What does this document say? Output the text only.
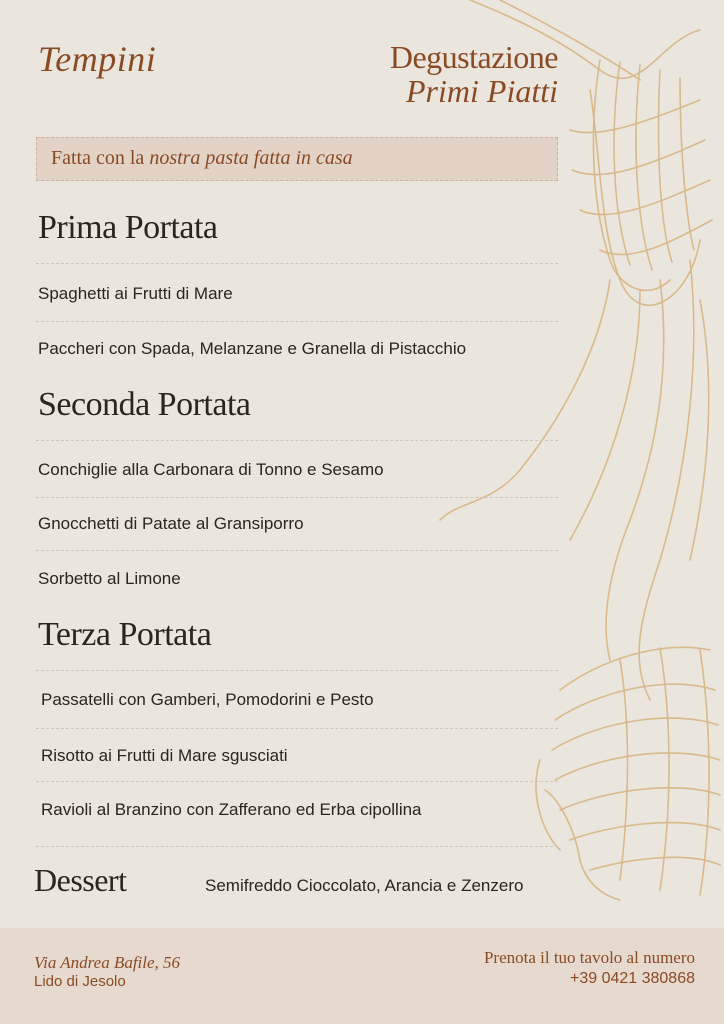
Tempini	Degustazione
Primi Piatti
Fatta con la nostra pasta fatta in casa
Prima Portata
Spaghetti ai Frutti di Mare
Paccheri con Spada, Melanzane e Granella di Pistacchio
Seconda Portata
Conchiglie alla Carbonara di Tonno e Sesamo
Gnocchetti di Patate al Gransiporro
Sorbetto al Limone
Terza Portata
Passatelli con Gamberi, Pomodorini e Pesto
Risotto ai Frutti di Mare sgusciati
Ravioli al Branzino con Zafferano ed Erba cipollina
Dessert	Semifreddo Cioccolato, Arancia e Zenzero
Via Andrea Bafile, 56
Lido di Jesolo
Prenota il tuo tavolo al numero
+39 0421 380868
